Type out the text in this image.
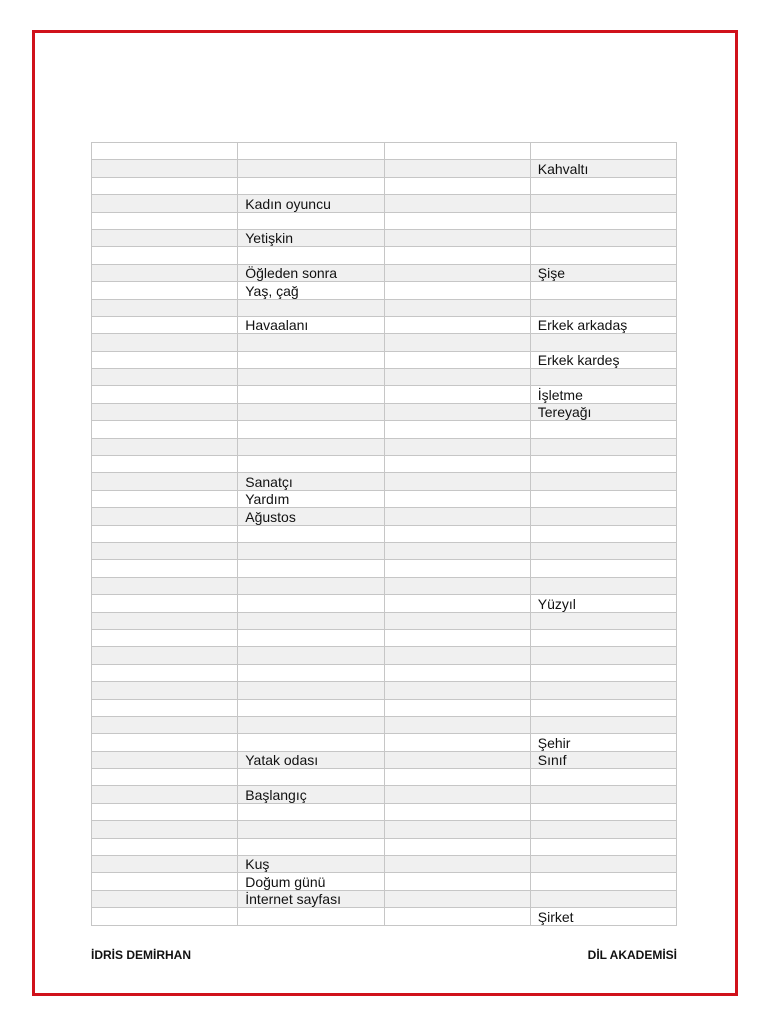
			Kahvaltı

	Kadın oyuncu		

	Yetişkin		

	Öğleden sonra		Şişe
	Yaş, çağ		

	Havaalanı		Erkek arkadaş

			Erkek kardeş

			İşletme
			Tereyağı

	Sanatçı		
	Yardım		
	Ağustos		

			Yüzyıl

			Şehir
	Yatak odası		Sınıf

	Başlangıç		

	Kuş		
	Doğum günü		
	İnternet sayfası		
			Şirket
İDRİS DEMİRHAN	DİL AKADEMİSİ
